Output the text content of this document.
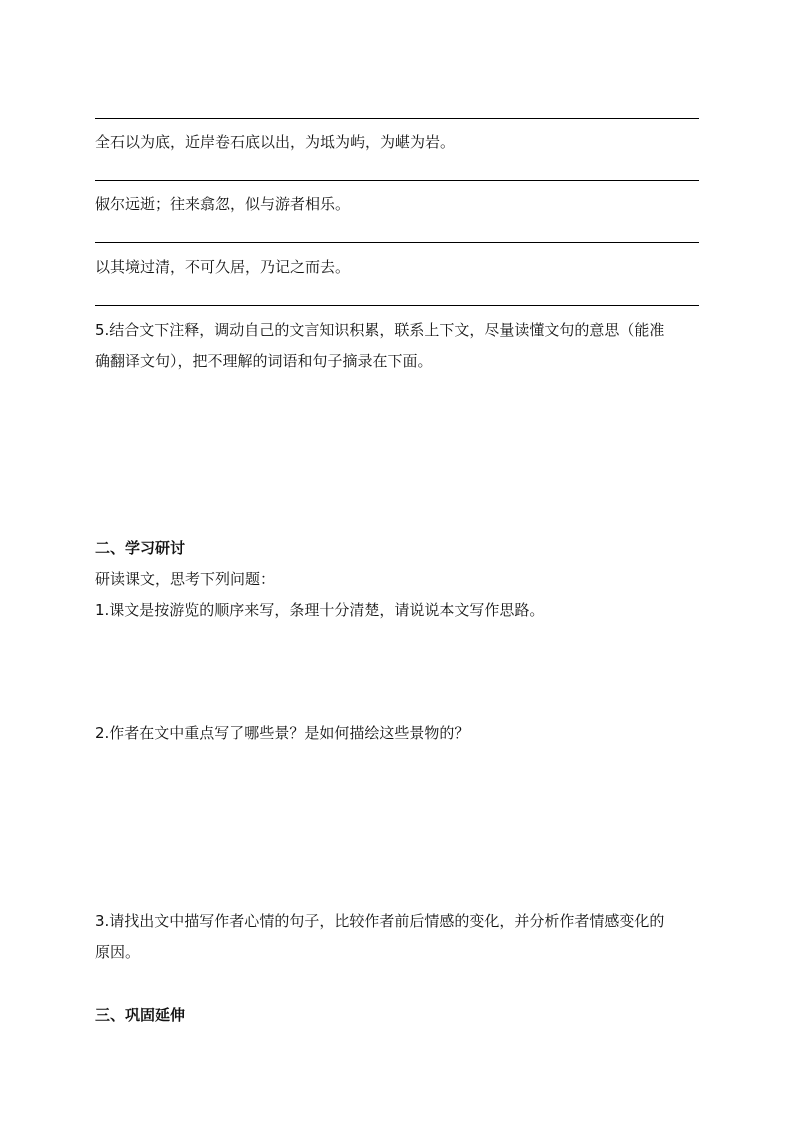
全石以为底，近岸卷石底以出，为坻为屿，为嵁为岩。
俶尔远逝；往来翕忽，似与游者相乐。
以其境过清，不可久居，乃记之而去。
5.结合文下注释，调动自己的文言知识积累，联系上下文，尽量读懂文句的意思（能准
确翻译文句），把不理解的词语和句子摘录在下面。
二、学习研讨
研读课文，思考下列问题：
1.课文是按游览的顺序来写，条理十分清楚，请说说本文写作思路。
2.作者在文中重点写了哪些景？是如何描绘这些景物的？
3.请找出文中描写作者心情的句子，比较作者前后情感的变化，并分析作者情感变化的
原因。
三、巩固延伸
